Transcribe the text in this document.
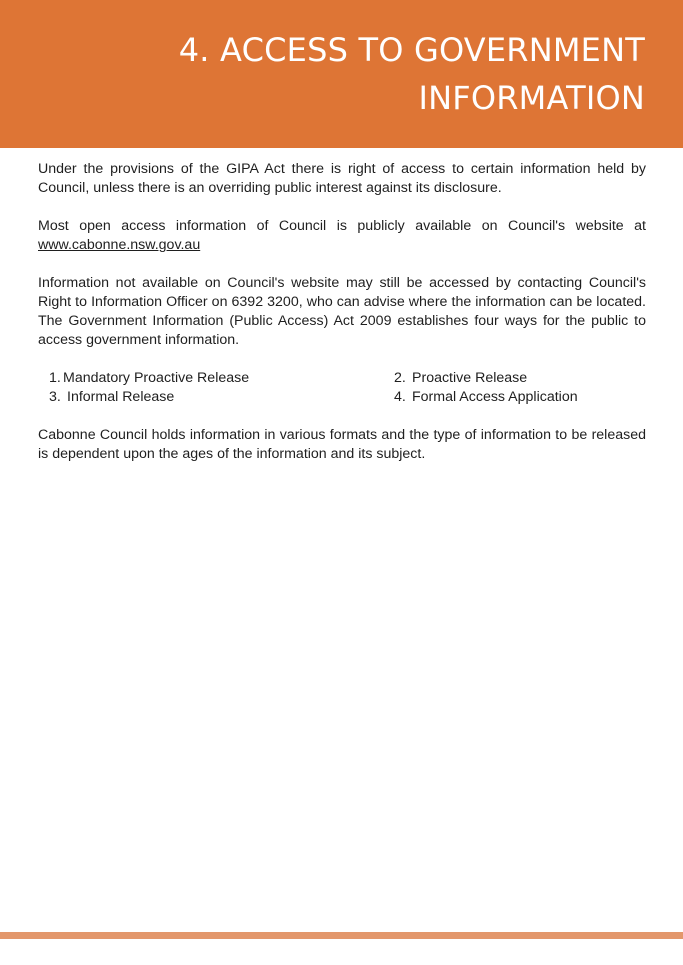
4. ACCESS TO GOVERNMENT
INFORMATION

Under the provisions of the GIPA Act there is right of access to certain information held by Council, unless there is an overriding public interest against its disclosure.

Most open access information of Council is publicly available on Council's website at www.cabonne.nsw.gov.au

Information not available on Council's website may still be accessed by contacting Council's Right to Information Officer on 6392 3200, who can advise where the information can be located. The Government Information (Public Access) Act 2009 establishes four ways for the public to access government information.

1. Mandatory Proactive Release
3. Informal Release
2. Proactive Release
4. Formal Access Application

Cabonne Council holds information in various formats and the type of information to be released is dependent upon the ages of the information and its subject.
